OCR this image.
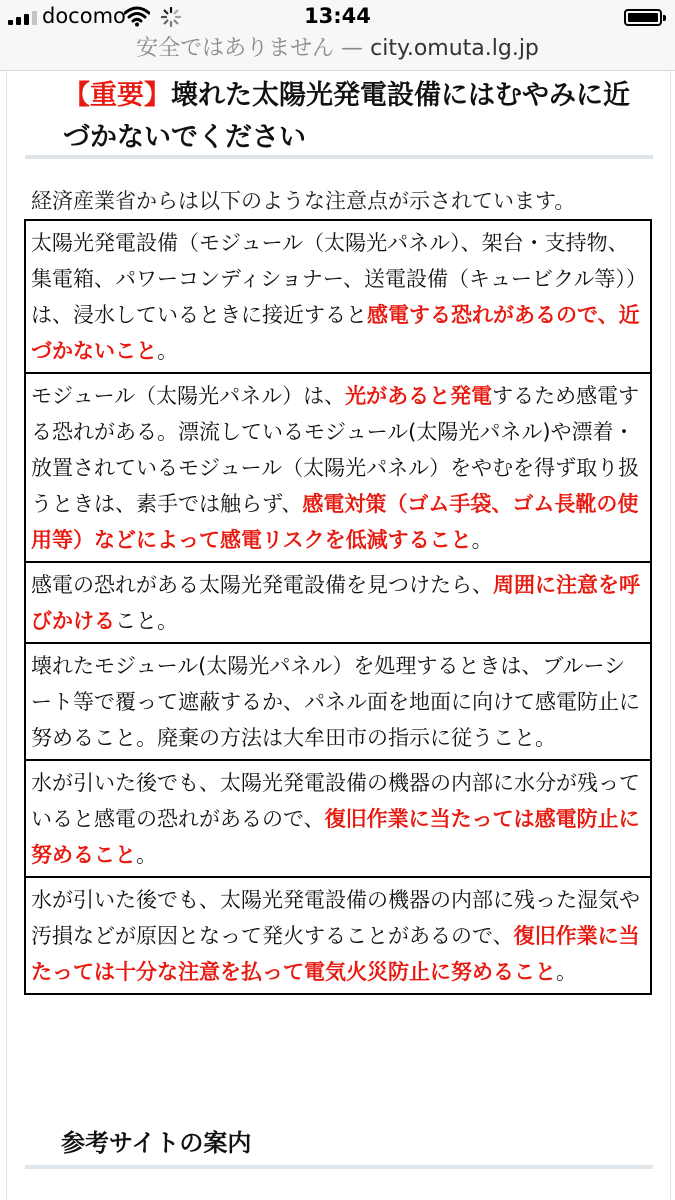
docomo	13:44
安全ではありません — city.omuta.lg.jp
【重要】壊れた太陽光発電設備にはむやみに近づかないでください
経済産業省からは以下のような注意点が示されています。
太陽光発電設備（モジュール（太陽光パネル）、架台・支持物、集電箱、パワーコンディショナー、送電設備（キュービクル等））は、浸水しているときに接近すると感電する恐れがあるので、近づかないこと。
モジュール（太陽光パネル）は、光があると発電するため感電する恐れがある。漂流しているモジュール(太陽光パネル)や漂着・放置されているモジュール（太陽光パネル）をやむを得ず取り扱うときは、素手では触らず、感電対策（ゴム手袋、ゴム長靴の使用等）などによって感電リスクを低減すること。
感電の恐れがある太陽光発電設備を見つけたら、周囲に注意を呼びかけること。
壊れたモジュール(太陽光パネル）を処理するときは、ブルーシート等で覆って遮蔽するか、パネル面を地面に向けて感電防止に努めること。廃棄の方法は大牟田市の指示に従うこと。
水が引いた後でも、太陽光発電設備の機器の内部に水分が残っていると感電の恐れがあるので、復旧作業に当たっては感電防止に努めること。
水が引いた後でも、太陽光発電設備の機器の内部に残った湿気や汚損などが原因となって発火することがあるので、復旧作業に当たっては十分な注意を払って電気火災防止に努めること。
参考サイトの案内
